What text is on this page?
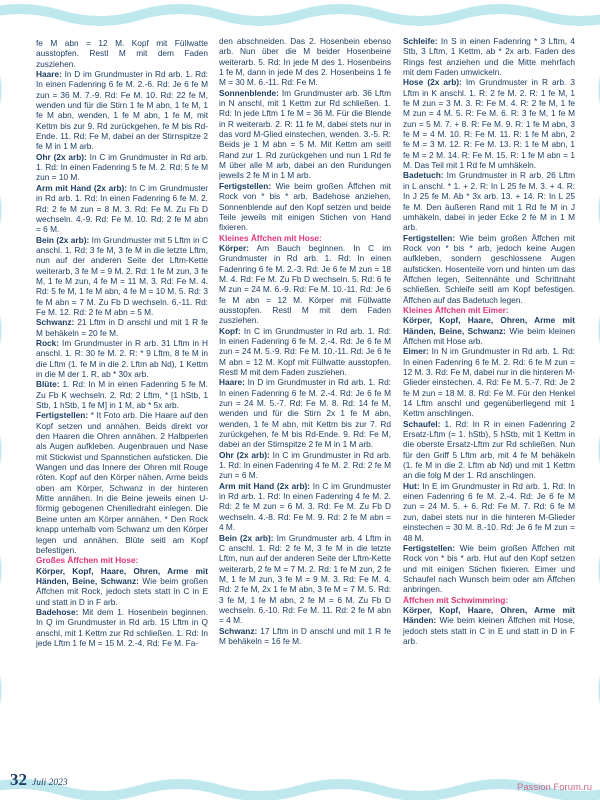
fe M abn = 12 M. Kopf mit Füllwatte ausstopfen. Restl M mit dem Faden zusziehen.

Haare: In D im Grundmuster in Rd arb. 1. Rd: In einen Fadenring 6 fe M. 2.-6. Rd: Je 6 fe M zun = 36 M. 7.-9. Rd: Fe M. 10. Rd: 22 fe M, wenden und für die Stirn 1 fe M abn, 1 fe M, 1 fe M abn, wenden, 1 fe M abn, 1 fe M, mit Kettm bis zur 9. Rd zurückgehen, fe M bis Rd-Ende. 11. Rd: Fe M, dabei an der Stirnspitze 2 fe M in 1 M arb.

Ohr (2x arb): In C im Grundmuster in Rd arb. 1. Rd: In einen Fadenring 5 fe M. 2. Rd: 5 fe M zun = 10 M.

Arm mit Hand (2x arb): In C im Grundmuster in Rd arb. 1. Rd: In einen Fadenring 6 fe M. 2. Rd: 2 fe M zun = 8 M. 3. Rd: Fe M. Zu Fb D wechseln. 4.-9. Rd: Fe M. 10. Rd: 2 fe M abn = 6 M.

Bein (2x arb): Im Grundmuster mit 5 Lftm in C anschl. 1. Rd: 3 fe M, 3 fe M in die letzte Lftm, nun auf der anderen Seite der Lftm-Kette weiterarb, 3 fe M = 9 M. 2. Rd: 1 fe M zun, 3 fe M, 1 fe M zun, 4 fe M = 11 M. 3. Rd: Fe M. 4. Rd: 5 fe M, 1 fe M abn, 4 fe M = 10 M. 5. Rd: 3 fe M abn = 7 M. Zu Fb D wechseln. 6.-11. Rd: Fe M. 12. Rd: 2 fe M abn = 5 M.

Schwanz: 21 Lftm in D anschl und mit 1 R fe M behäkeln = 20 fe M.

Rock: Im Grundmuster in R arb. 31 Lftm in H anschl. 1. R: 30 fe M. 2. R: * 9 Lftm, 8 fe M in die Lftm (1. fe M in die 2. Lftm ab Nd), 1 Kettm in die M der 1. R, ab * 30x arb.

Blüte: 1. Rd: In M in einen Fadenring 5 fe M. Zu Fb K wechseln. 2. Rd: 2 Lftm, * [1 hStb, 1 Stb, 1 hStb, 1 fe M] in 1 M, ab * 5x arb.

Fertigstellen: * It Foto arb. Die Haare auf den Kopf setzen und annähen. Beids direkt vor den Haaren die Ohren annähen. 2 Halbperlen als Augen aufkleben. Augenbrauen und Nase mit Stickwist und Spannstichen aufsticken. Die Wangen und das Innere der Ohren mit Rouge röten. Kopf auf den Körper nähen. Arme beids oben am Körper, Schwanz in der hinteren Mitte annähen. In die Beine jeweils einen U-förmig gebogenen Chenilledraht einlegen. Die Beine unten am Körper annähen. * Den Rock knapp unterhalb vom Schwanz um den Körper legen und annähen. Blüte seitl am Kopf befestigen.

Großes Äffchen mit Hose:

Körper, Kopf, Haare, Ohren, Arme mit Händen, Beine, Schwanz: Wie beim großen Äffchen mit Rock, jedoch stets statt in C in E und statt in D in F arb.

Badehose: Mit dem 1. Hosenbein beginnen. In Q im Grundmuster in Rd arb. 15 Lftm in Q anschl, mit 1 Kettm zur Rd schließen. 1. Rd: In jede Lftm 1 fe M = 15 M. 2.-4. Rd: Fe M. Fa-

den abschneiden. Das 2. Hosenbein ebenso arb. Nun über die M beider Hosenbeine weiterarb. 5. Rd: In jede M des 1. Hosenbeins 1 fe M, dann in jede M des 2. Hosenbeins 1 fe M = 30 M. 6.-11. Rd: Fe M.

Sonnenblende: Im Grundmuster arb. 36 Lftm in N anschl, mit 1 Kettm zur Rd schließen. 1. Rd: In jede Lftm 1 fe M = 36 M. Für die Blende in R weiterarb. 2. R: 11 fe M, dabei stets nur in das vord M-Glied einstechen, wenden. 3.-5. R: Beids je 1 M abn = 5 M. Mit Kettm am seitl Rand zur 1. Rd zurückgehen und nun 1 Rd fe M über alle M arb, dabei an den Rundungen jeweils 2 fe M in 1 M arb.

Fertigstellen: Wie beim großen Äffchen mit Rock von * bis * arb. Badehose anziehen, Sonnenblende auf den Kopf setzen und beide Teile jeweils mit einigen Stichen von Hand fixieren.

Kleines Äffchen mit Hose:

Körper: Am Bauch beginnen. In C im Grundmuster in Rd arb. 1. Rd: In einen Fadenring 6 fe M. 2.-3. Rd: Je 6 fe M zun = 18 M. 4. Rd: Fe M. Zu Fb D wechseln. 5. Rd: 6 fe M zun = 24 M. 6.-9. Rd: Fe M. 10.-11. Rd: Je 6 fe M abn = 12 M. Körper mit Füllwatte ausstopfen. Restl M mit dem Faden zusziehen.

Kopf: In C im Grundmuster in Rd arb. 1. Rd: In einen Fadenring 6 fe M. 2.-4. Rd: Je 6 fe M zun = 24 M. 5.-9. Rd: Fe M. 10.-11. Rd: Je 6 fe M abn = 12 M. Kopf mit Füllwatte ausstopfen. Restl M mit dem Faden zusziehen.

Haare: In D im Grundmuster in Rd arb. 1. Rd: In einen Fadenring 6 fe M. 2.-4. Rd: Je 6 fe M zun = 24 M. 5.-7. Rd: Fe M. 8. Rd: 14 fe M, wenden und für die Stirn 2x 1 fe M abn, wenden, 1 fe M abn, mit Kettm bis zur 7. Rd zurückgehen, fe M bis Rd-Ende. 9. Rd: Fe M, dabei an der Stirnspitze 2 fe M in 1 M arb.

Ohr (2x arb): In C im Grundmuster in Rd arb. 1. Rd: In einen Fadenring 4 fe M. 2. Rd: 2 fe M zun = 6 M.

Arm mit Hand (2x arb): In C im Grundmuster in Rd arb. 1. Rd: In einen Fadenring 4 fe M. 2. Rd: 2 fe M zun = 6 M. 3. Rd: Fe M. Zu Fb D wechseln. 4.-8. Rd: Fe M. 9. Rd: 2 fe M abn = 4 M.

Bein (2x arb): Im Grundmuster arb. 4 Lftm in C anschl. 1. Rd: 2 fe M, 3 fe M in die letzte Lftm, nun auf der anderen Seite der Lftm-Kette weiterarb, 2 fe M = 7 M. 2. Rd: 1 fe M zun, 2 fe M, 1 fe M zun, 3 fe M = 9 M. 3. Rd: Fe M. 4. Rd: 2 fe M, 2x 1 fe M abn, 3 fe M = 7 M. 5. Rd: 3 fe M, 1 fe M abn, 2 fe M = 6 M. Zu Fb D wechseln. 6.-10. Rd: Fe M. 11. Rd: 2 fe M abn = 4 M.

Schwanz: 17 Lftm in D anschl und mit 1 R fe M behäkeln = 16 fe M.

Schleife: In S in einen Fadenring * 3 Lftm, 4 Stb, 3 Lftm, 1 Kettm, ab * 2x arb. Faden des Rings fest anziehen und die Mitte mehrfach mit dem Faden umwickeln.

Hose (2x arb): Im Grundmuster in R arb. 3 Lftm in K anschl. 1. R: 2 fe M. 2. R: 1 fe M, 1 fe M zun = 3 M. 3. R: Fe M. 4. R: 2 fe M, 1 fe M zun = 4 M. 5. R: Fe M. 6. R: 3 fe M, 1 fe M zun = 5 M. 7. + 8. R: Fe M. 9. R: 1 fe M abn, 3 fe M = 4 M. 10. R: Fe M. 11. R: 1 fe M abn, 2 fe M = 3 M. 12. R: Fe M. 13. R: 1 fe M abn, 1 fe M = 2 M. 14. R: Fe M. 15. R: 1 fe M abn = 1 M. Das Teil mit 1 Rd fe M umhäkeln.

Badetuch: Im Grundmuster in R arb. 26 Lftm in L anschl. * 1. + 2. R: In L 25 fe M. 3. + 4. R: In J 25 fe M. Ab * 3x arb. 13. + 14. R: In L 25 fe M. Den äußeren Rand mit 1 Rd fe M in J umhäkeln, dabei in jeder Ecke 2 fe M in 1 M arb.

Fertigstellen: Wie beim großen Äffchen mit Rock von * bis * arb, jedoch keine Augen aufkleben, sondern geschlossene Augen aufsticken. Hosenteile vorn und hinten um das Äffchen legen, Seitennähte und Schrittnaht schließen. Schleife seitl am Kopf befestigen. Äffchen auf das Badetuch legen.

Kleines Äffchen mit Eimer:

Körper, Kopf, Haare, Ohren, Arme mit Händen, Beine, Schwanz: Wie beim kleinen Äffchen mit Hose arb.

Eimer: In N im Grundmuster in Rd arb. 1. Rd: In einen Fadenring 6 fe M. 2. Rd: 6 fe M zun = 12 M. 3. Rd: Fe M, dabei nur in die hinteren M-Glieder einstechen. 4. Rd: Fe M. 5.-7. Rd: Je 2 fe M zun = 18 M. 8. Rd: Fe M. Für den Henkel 14 Lftm anschl und gegenüberliegend mit 1 Kettm anschlingen.

Schaufel: 1. Rd: In R in einen Fadenring 2 Ersatz-Lftm (= 1. hStb), 5 hStb, mit 1 Kettm in die oberste Ersatz-Lftm zur Rd schließen. Nun für den Griff 5 Lftm arb, mit 4 fe M behäkeln (1. fe M in die 2. Lftm ab Nd) und mit 1 Kettm an die folg M der 1. Rd anschlingen.

Hut: In E im Grundmuster in Rd arb. 1. Rd: In einen Fadenring 6 fe M. 2.-4. Rd: Je 6 fe M zun = 24 M. 5. + 6. Rd: Fe M. 7. Rd: 6 fe M zun, dabei stets nur in die hinteren M-Glieder einstechen = 30 M. 8.-10. Rd: Je 6 fe M zun = 48 M.

Fertigstellen: Wie beim großen Äffchen mit Rock von * bis * arb. Hut auf den Kopf setzen und mit einigen Stichen fixieren. Eimer und Schaufel nach Wunsch beim oder am Äffchen anbringen.

Äffchen mit Schwimmring:

Körper, Kopf, Haare, Ohren, Arme mit Händen: Wie beim kleinen Äffchen mit Hose, jedoch stets statt in C in E und statt in D in F arb.

32 Juli 2023	Passion Forum.ru
